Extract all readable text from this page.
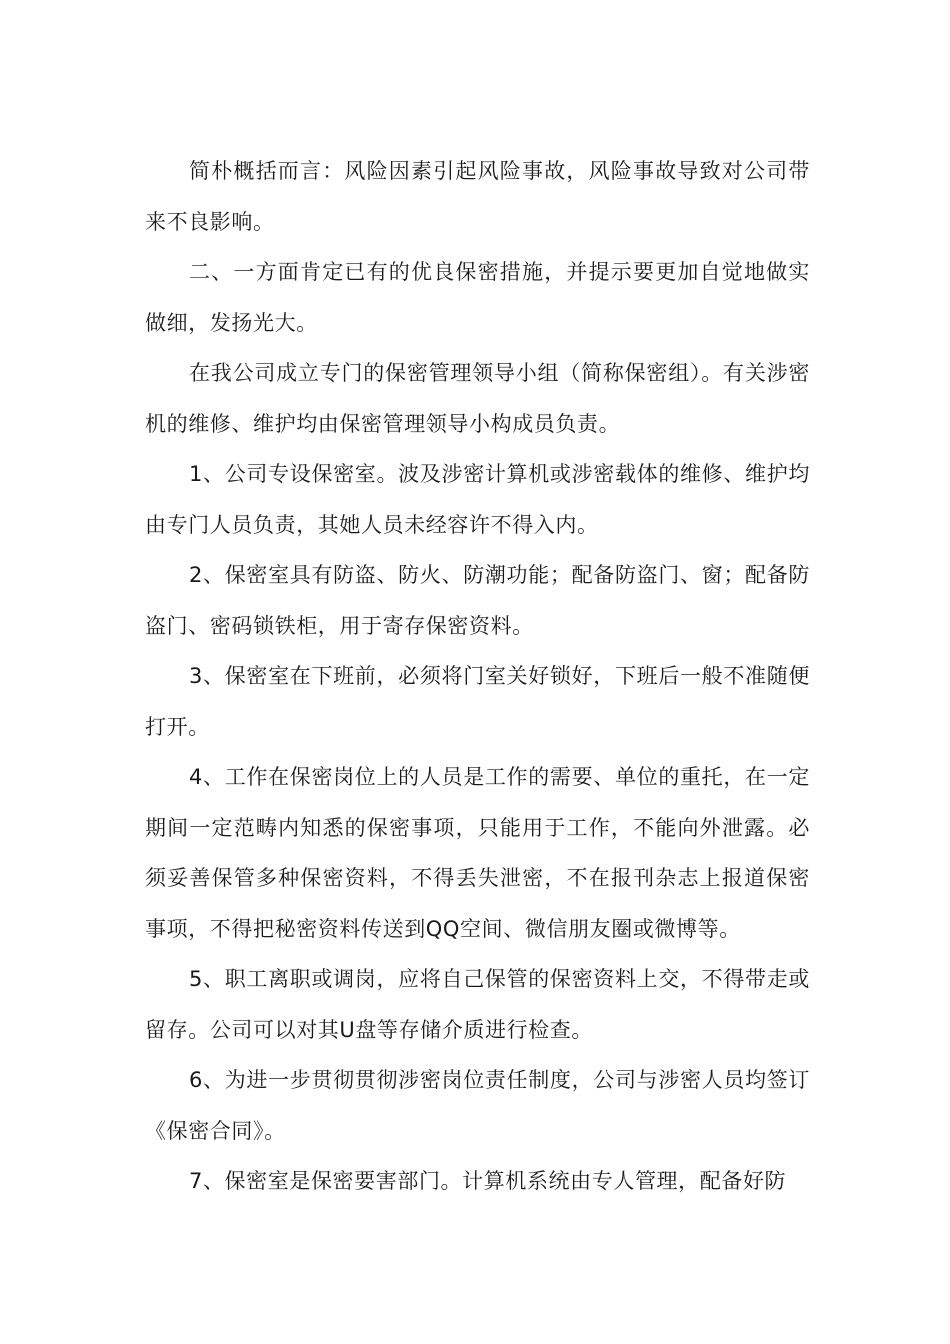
简朴概括而言：风险因素引起风险事故，风险事故导致对公司带来不良影响。

二、一方面肯定已有的优良保密措施，并提示要更加自觉地做实做细，发扬光大。

在我公司成立专门的保密管理领导小组（简称保密组）。有关涉密机的维修、维护均由保密管理领导小构成员负责。

1、公司专设保密室。波及涉密计算机或涉密载体的维修、维护均由专门人员负责，其她人员未经容许不得入内。

2、保密室具有防盗、防火、防潮功能；配备防盗门、窗；配备防盗门、密码锁铁柜，用于寄存保密资料。

3、保密室在下班前，必须将门室关好锁好，下班后一般不准随便打开。

4、工作在保密岗位上的人员是工作的需要、单位的重托，在一定期间一定范畴内知悉的保密事项，只能用于工作，不能向外泄露。必须妥善保管多种保密资料，不得丢失泄密，不在报刊杂志上报道保密事项，不得把秘密资料传送到QQ空间、微信朋友圈或微博等。

5、职工离职或调岗，应将自己保管的保密资料上交，不得带走或留存。公司可以对其U盘等存储介质进行检查。

6、为进一步贯彻贯彻涉密岗位责任制度，公司与涉密人员均签订《保密合同》。

7、保密室是保密要害部门。计算机系统由专人管理，配备好防
